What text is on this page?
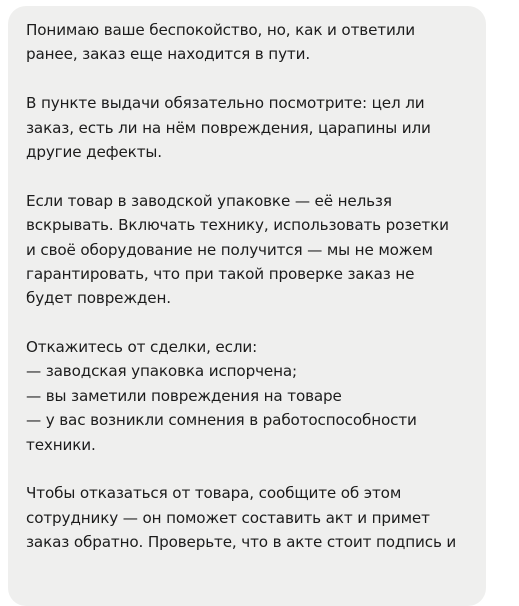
Понимаю ваше беспокойство, но, как и ответили
ранее, заказ еще находится в пути.
В пункте выдачи обязательно посмотрите: цел ли
заказ, есть ли на нём повреждения, царапины или
другие дефекты.
Если товар в заводской упаковке — её нельзя
вскрывать. Включать технику, использовать розетки
и своё оборудование не получится — мы не можем
гарантировать, что при такой проверке заказ не
будет поврежден.
Откажитесь от сделки, если:
— заводская упаковка испорчена;
— вы заметили повреждения на товаре
— у вас возникли сомнения в работоспособности
техники.
Чтобы отказаться от товара, сообщите об этом
сотруднику — он поможет составить акт и примет
заказ обратно. Проверьте, что в акте стоит подпись и
